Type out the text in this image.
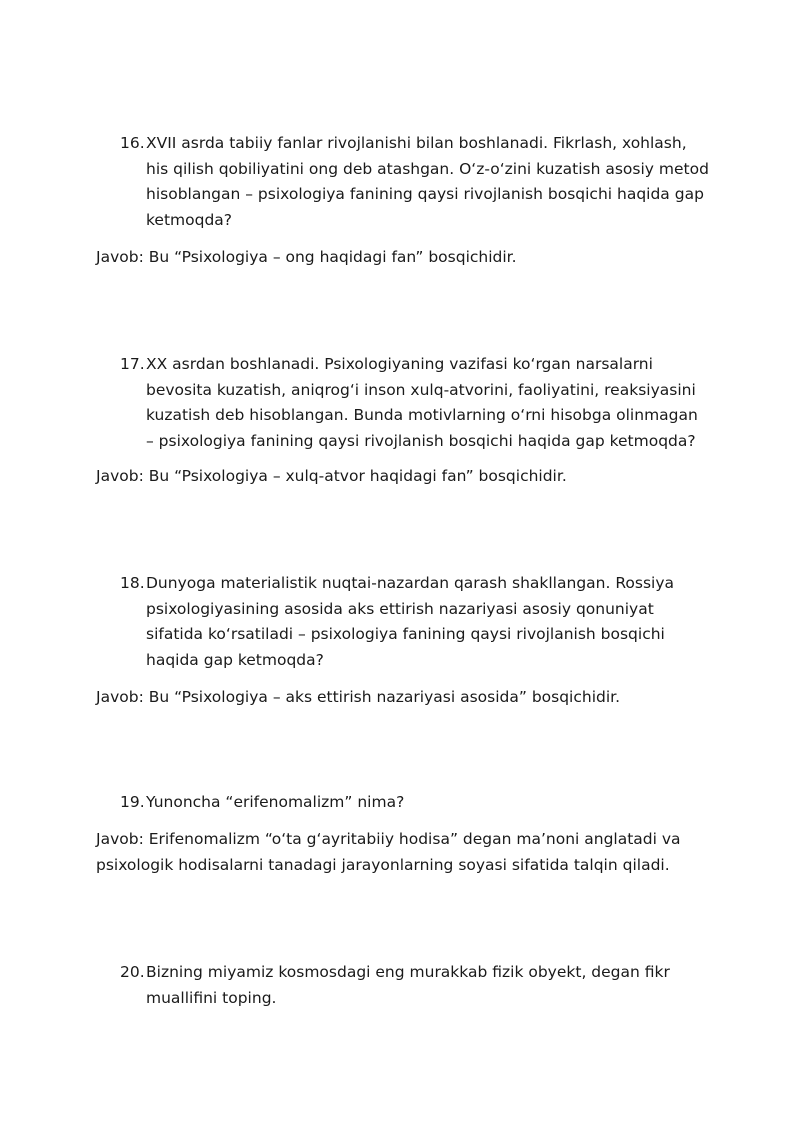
16. XVII asrda tabiiy fanlar rivojlanishi bilan boshlanadi. Fikrlash, xohlash, his qilish qobiliyatini ong deb atashgan. O‘z-o‘zini kuzatish asosiy metod hisoblangan – psixologiya fanining qaysi rivojlanish bosqichi haqida gap ketmoqda?
Javob: Bu “Psixologiya – ong haqidagi fan” bosqichidir.
17. XX asrdan boshlanadi. Psixologiyaning vazifasi ko‘rgan narsalarni bevosita kuzatish, aniqrog‘i inson xulq-atvorini, faoliyatini, reaksiyasini kuzatish deb hisoblangan. Bunda motivlarning o‘rni hisobga olinmagan – psixologiya fanining qaysi rivojlanish bosqichi haqida gap ketmoqda?
Javob: Bu “Psixologiya – xulq-atvor haqidagi fan” bosqichidir.
18. Dunyoga materialistik nuqtai-nazardan qarash shakllangan. Rossiya psixologiyasining asosida aks ettirish nazariyasi asosiy qonuniyat sifatida ko‘rsatiladi – psixologiya fanining qaysi rivojlanish bosqichi haqida gap ketmoqda?
Javob: Bu “Psixologiya – aks ettirish nazariyasi asosida” bosqichidir.
19. Yunoncha “erifenomalizm” nima?
Javob: Erifenomalizm “o‘ta g‘ayritabiiy hodisa” degan ma’noni anglatadi va psixologik hodisalarni tanadagi jarayonlarning soyasi sifatida talqin qiladi.
20. Bizning miyamiz kosmosdagi eng murakkab fizik obyekt, degan fikr muallifini toping.
